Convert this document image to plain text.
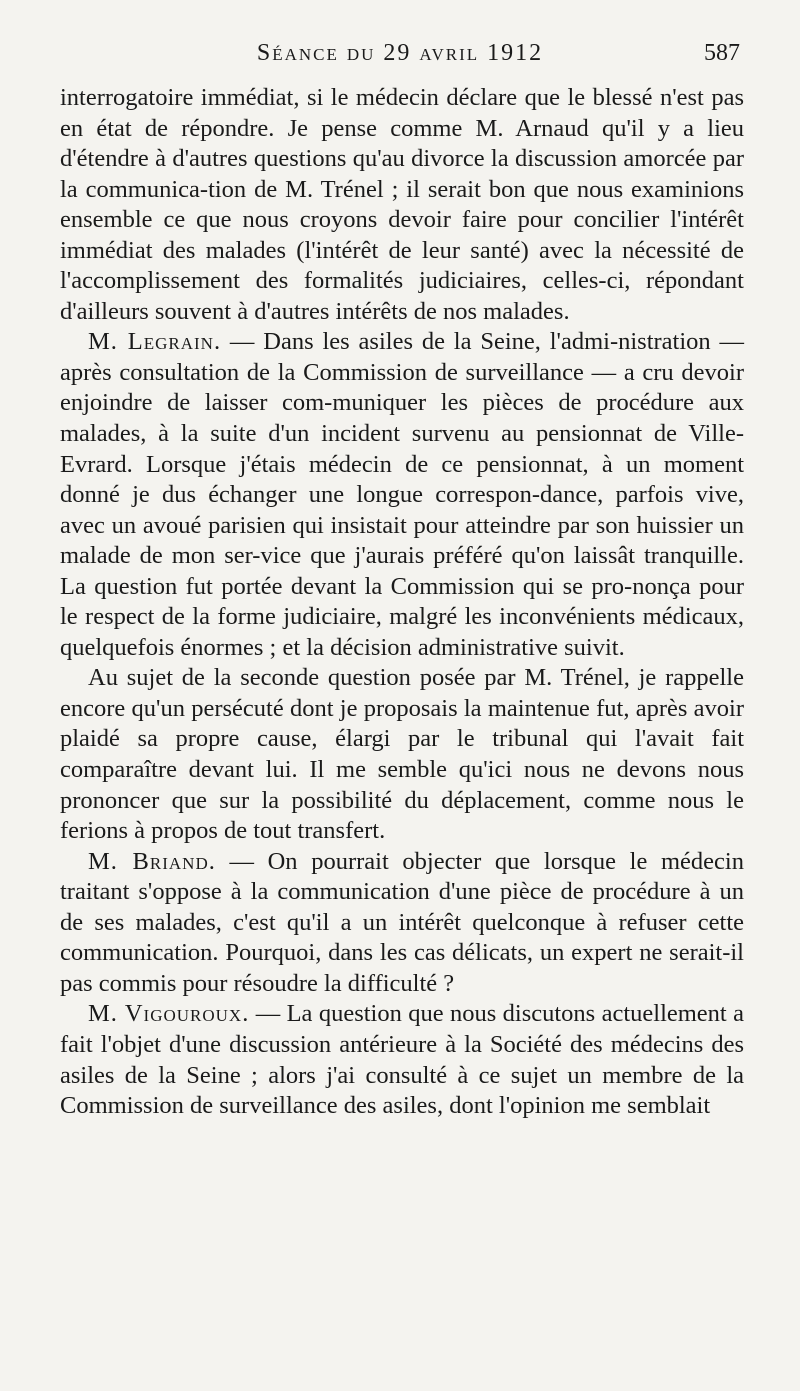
Séance du 29 avril 1912	587

interrogatoire immédiat, si le médecin déclare que le blessé n'est pas en état de répondre. Je pense comme M. Arnaud qu'il y a lieu d'étendre à d'autres questions qu'au divorce la discussion amorcée par la communica-tion de M. Trénel ; il serait bon que nous examinions ensemble ce que nous croyons devoir faire pour concilier l'intérêt immédiat des malades (l'intérêt de leur santé) avec la nécessité de l'accomplissement des formalités judiciaires, celles-ci, répondant d'ailleurs souvent à d'autres intérêts de nos malades.

M. Legrain. — Dans les asiles de la Seine, l'admi-nistration — après consultation de la Commission de surveillance — a cru devoir enjoindre de laisser com-muniquer les pièces de procédure aux malades, à la suite d'un incident survenu au pensionnat de Ville-Evrard. Lorsque j'étais médecin de ce pensionnat, à un moment donné je dus échanger une longue correspon-dance, parfois vive, avec un avoué parisien qui insistait pour atteindre par son huissier un malade de mon ser-vice que j'aurais préféré qu'on laissât tranquille. La question fut portée devant la Commission qui se pro-nonça pour le respect de la forme judiciaire, malgré les inconvénients médicaux, quelquefois énormes ; et la décision administrative suivit.

Au sujet de la seconde question posée par M. Trénel, je rappelle encore qu'un persécuté dont je proposais la maintenue fut, après avoir plaidé sa propre cause, élargi par le tribunal qui l'avait fait comparaître devant lui. Il me semble qu'ici nous ne devons nous prononcer que sur la possibilité du déplacement, comme nous le ferions à propos de tout transfert.

M. Briand. — On pourrait objecter que lorsque le médecin traitant s'oppose à la communication d'une pièce de procédure à un de ses malades, c'est qu'il a un intérêt quelconque à refuser cette communication. Pourquoi, dans les cas délicats, un expert ne serait-il pas commis pour résoudre la difficulté ?

M. Vigouroux. — La question que nous discutons actuellement a fait l'objet d'une discussion antérieure à la Société des médecins des asiles de la Seine ; alors j'ai consulté à ce sujet un membre de la Commission de surveillance des asiles, dont l'opinion me semblait
